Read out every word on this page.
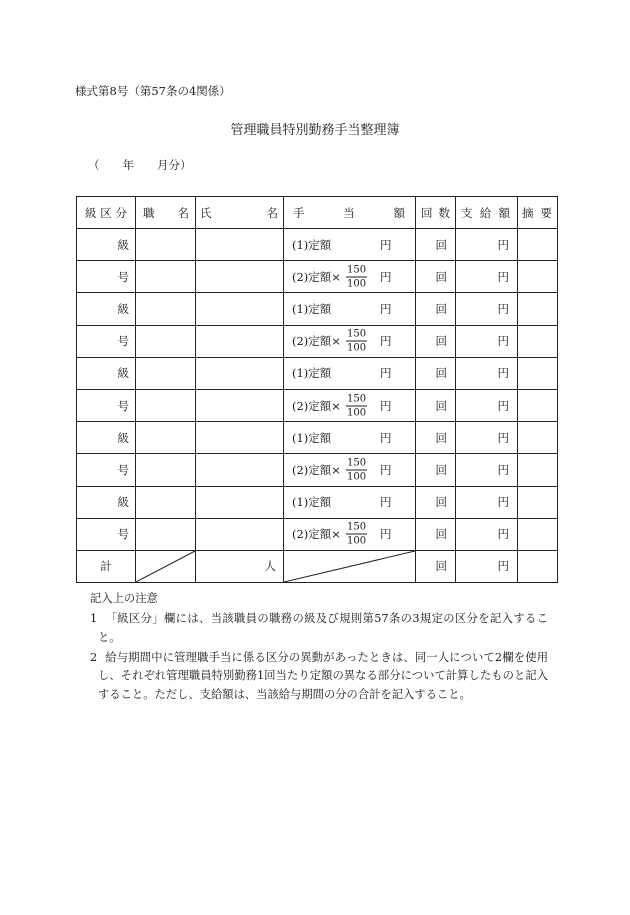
様式第8号（第57条の4関係）
管理職員特別勤務手当整理簿
（　　年　　月分）
級区分	職名	氏名	手当額	回数	支給額	摘要
級			(1)定額 円	回	円	
号			(2)定額× $\frac{150}{100}$ 円	回	円	
級			(1)定額 円	回	円	
号			(2)定額× $\frac{150}{100}$ 円	回	円	
級			(1)定額 円	回	円	
号			(2)定額× $\frac{150}{100}$ 円	回	円	
級			(1)定額 円	回	円	
号			(2)定額× $\frac{150}{100}$ 円	回	円	
級			(1)定額 円	回	円	
号			(2)定額× $\frac{150}{100}$ 円	回	円	
計		人		回	円	
記入上の注意
1 「級区分」欄には、当該職員の職務の級及び規則第57条の3規定の区分を記入すること。
2 給与期間中に管理職手当に係る区分の異動があったときは、同一人について2欄を使用し、それぞれ管理職員特別勤務1回当たり定額の異なる部分について計算したものと記入すること。ただし、支給額は、当該給与期間の分の合計を記入すること。
